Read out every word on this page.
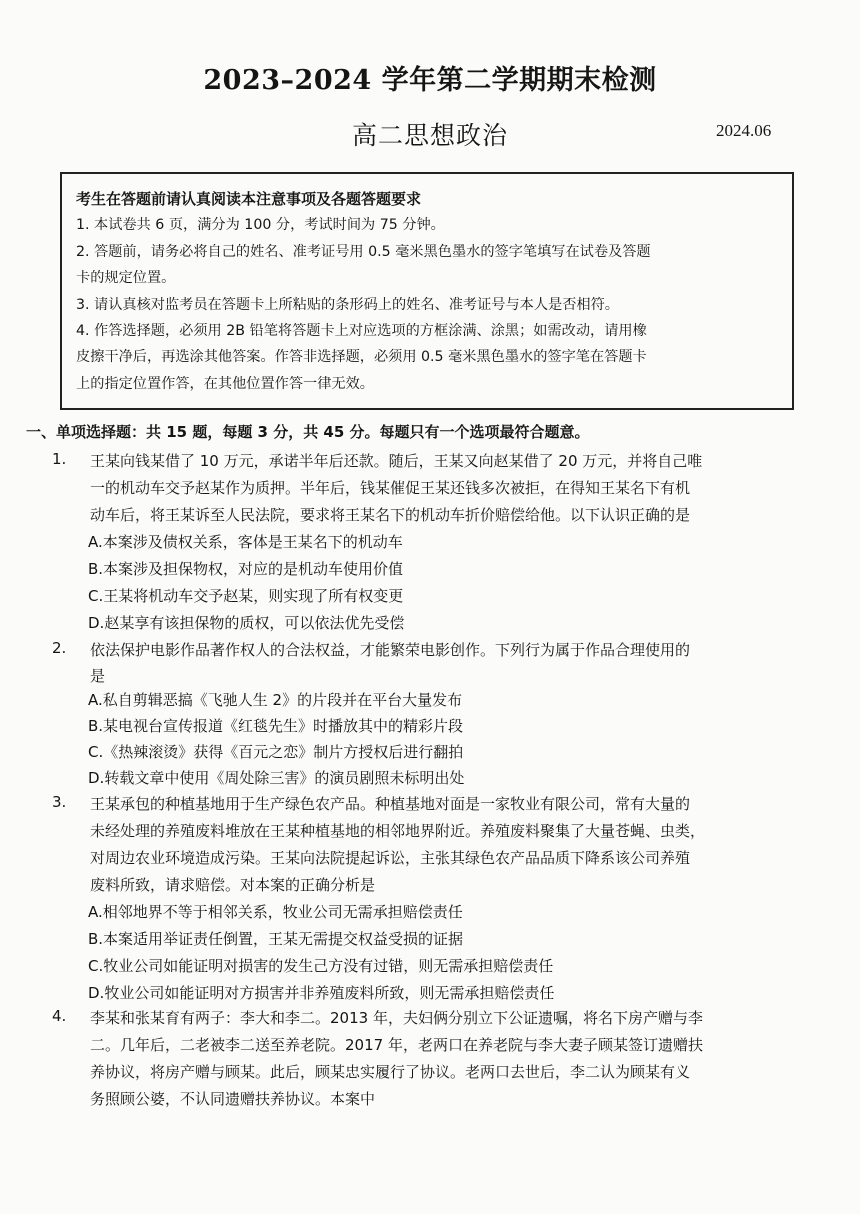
2023–2024 学年第二学期期末检测
高二思想政治	2024.06
考生在答题前请认真阅读本注意事项及各题答题要求
1. 本试卷共 6 页，满分为 100 分，考试时间为 75 分钟。
2. 答题前，请务必将自己的姓名、准考证号用 0.5 毫米黑色墨水的签字笔填写在试卷及答题
卡的规定位置。
3. 请认真核对监考员在答题卡上所粘贴的条形码上的姓名、准考证号与本人是否相符。
4. 作答选择题，必须用 2B 铅笔将答题卡上对应选项的方框涂满、涂黑；如需改动，请用橡
皮擦干净后，再选涂其他答案。作答非选择题，必须用 0.5 毫米黑色墨水的签字笔在答题卡
上的指定位置作答，在其他位置作答一律无效。
一、单项选择题：共 15 题，每题 3 分，共 45 分。每题只有一个选项最符合题意。
1. 王某向钱某借了 10 万元，承诺半年后还款。随后，王某又向赵某借了 20 万元，并将自己唯
一的机动车交予赵某作为质押。半年后，钱某催促王某还钱多次被拒，在得知王某名下有机
动车后，将王某诉至人民法院，要求将王某名下的机动车折价赔偿给他。以下认识正确的是
A.本案涉及债权关系，客体是王某名下的机动车
B.本案涉及担保物权，对应的是机动车使用价值
C.王某将机动车交予赵某，则实现了所有权变更
D.赵某享有该担保物的质权，可以依法优先受偿
2. 依法保护电影作品著作权人的合法权益，才能繁荣电影创作。下列行为属于作品合理使用的
是
A.私自剪辑恶搞《飞驰人生 2》的片段并在平台大量发布
B.某电视台宣传报道《红毯先生》时播放其中的精彩片段
C.《热辣滚烫》获得《百元之恋》制片方授权后进行翻拍
D.转载文章中使用《周处除三害》的演员剧照未标明出处
3. 王某承包的种植基地用于生产绿色农产品。种植基地对面是一家牧业有限公司，常有大量的
未经处理的养殖废料堆放在王某种植基地的相邻地界附近。养殖废料聚集了大量苍蝇、虫类，
对周边农业环境造成污染。王某向法院提起诉讼，主张其绿色农产品品质下降系该公司养殖
废料所致，请求赔偿。对本案的正确分析是
A.相邻地界不等于相邻关系，牧业公司无需承担赔偿责任
B.本案适用举证责任倒置，王某无需提交权益受损的证据
C.牧业公司如能证明对损害的发生己方没有过错，则无需承担赔偿责任
D.牧业公司如能证明对方损害并非养殖废料所致，则无需承担赔偿责任
4. 李某和张某育有两子：李大和李二。2013 年，夫妇俩分别立下公证遗嘱，将名下房产赠与李
二。几年后，二老被李二送至养老院。2017 年，老两口在养老院与李大妻子顾某签订遗赠扶
养协议，将房产赠与顾某。此后，顾某忠实履行了协议。老两口去世后，李二认为顾某有义
务照顾公婆，不认同遗赠扶养协议。本案中
